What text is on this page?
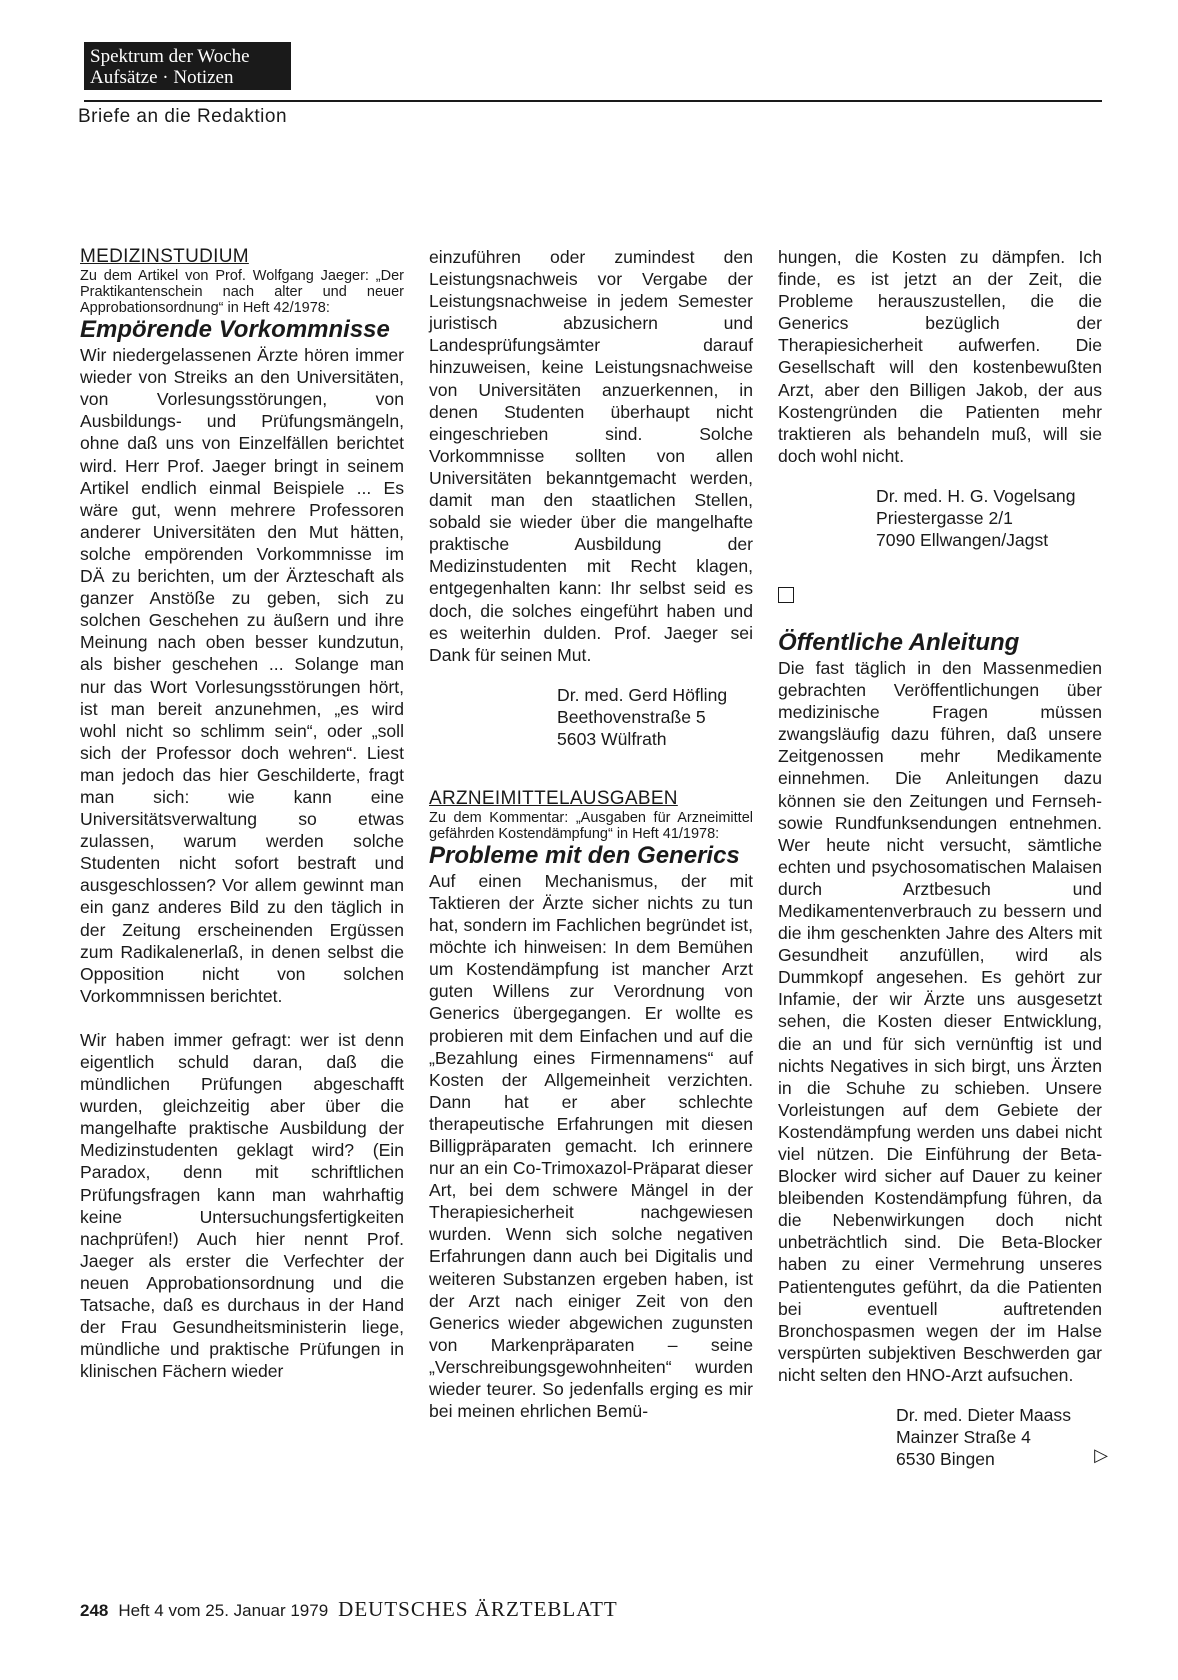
Spektrum der Woche
Aufsätze · Notizen
Briefe an die Redaktion

MEDIZINSTUDIUM

Zu dem Artikel von Prof. Wolfgang Jaeger: „Der Praktikantenschein nach alter und neuer Approbationsordnung“ in Heft 42/1978:

Empörende Vorkommnisse

Wir niedergelassenen Ärzte hören immer wieder von Streiks an den Universitäten, von Vorlesungsstörungen, von Ausbildungs- und Prüfungsmängeln, ohne daß uns von Einzelfällen berichtet wird. Herr Prof. Jaeger bringt in seinem Artikel endlich einmal Beispiele ... Es wäre gut, wenn mehrere Professoren anderer Universitäten den Mut hätten, solche empörenden Vorkommnisse im DÄ zu berichten, um der Ärzteschaft als ganzer Anstöße zu geben, sich zu solchen Geschehen zu äußern und ihre Meinung nach oben besser kundzutun, als bisher geschehen ... Solange man nur das Wort Vorlesungsstörungen hört, ist man bereit anzunehmen, „es wird wohl nicht so schlimm sein“, oder „soll sich der Professor doch wehren“. Liest man jedoch das hier Geschilderte, fragt man sich: wie kann eine Universitätsverwaltung so etwas zulassen, warum werden solche Studenten nicht sofort bestraft und ausgeschlossen? Vor allem gewinnt man ein ganz anderes Bild zu den täglich in der Zeitung erscheinenden Ergüssen zum Radikalenerlaß, in denen selbst die Opposition nicht von solchen Vorkommnissen berichtet.

Wir haben immer gefragt: wer ist denn eigentlich schuld daran, daß die mündlichen Prüfungen abgeschafft wurden, gleichzeitig aber über die mangelhafte praktische Ausbildung der Medizinstudenten geklagt wird? (Ein Paradox, denn mit schriftlichen Prüfungsfragen kann man wahrhaftig keine Untersuchungsfertigkeiten nachprüfen!) Auch hier nennt Prof. Jaeger als erster die Verfechter der neuen Approbationsordnung und die Tatsache, daß es durchaus in der Hand der Frau Gesundheitsministerin liege, mündliche und praktische Prüfungen in klinischen Fächern wieder

einzuführen oder zumindest den Leistungsnachweis vor Vergabe der Leistungsnachweise in jedem Semester juristisch abzusichern und Landesprüfungsämter darauf hinzuweisen, keine Leistungsnachweise von Universitäten anzuerkennen, in denen Studenten überhaupt nicht eingeschrieben sind. Solche Vorkommnisse sollten von allen Universitäten bekanntgemacht werden, damit man den staatlichen Stellen, sobald sie wieder über die mangelhafte praktische Ausbildung der Medizinstudenten mit Recht klagen, entgegenhalten kann: Ihr selbst seid es doch, die solches eingeführt haben und es weiterhin dulden. Prof. Jaeger sei Dank für seinen Mut.

Dr. med. Gerd Höfling
Beethovenstraße 5
5603 Wülfrath

ARZNEIMITTELAUSGABEN

Zu dem Kommentar: „Ausgaben für Arzneimittel gefährden Kostendämpfung“ in Heft 41/1978:

Probleme mit den Generics

Auf einen Mechanismus, der mit Taktieren der Ärzte sicher nichts zu tun hat, sondern im Fachlichen begründet ist, möchte ich hinweisen: In dem Bemühen um Kostendämpfung ist mancher Arzt guten Willens zur Verordnung von Generics übergegangen. Er wollte es probieren mit dem Einfachen und auf die „Bezahlung eines Firmennamens“ auf Kosten der Allgemeinheit verzichten. Dann hat er aber schlechte therapeutische Erfahrungen mit diesen Billigpräparaten gemacht. Ich erinnere nur an ein Co-Trimoxazol-Präparat dieser Art, bei dem schwere Mängel in der Therapiesicherheit nachgewiesen wurden. Wenn sich solche negativen Erfahrungen dann auch bei Digitalis und weiteren Substanzen ergeben haben, ist der Arzt nach einiger Zeit von den Generics wieder abgewichen zugunsten von Markenpräparaten – seine „Verschreibungsgewohnheiten“ wurden wieder teurer. So jedenfalls erging es mir bei meinen ehrlichen Bemü-

hungen, die Kosten zu dämpfen. Ich finde, es ist jetzt an der Zeit, die Probleme herauszustellen, die die Generics bezüglich der Therapiesicherheit aufwerfen. Die Gesellschaft will den kostenbewußten Arzt, aber den Billigen Jakob, der aus Kostengründen die Patienten mehr traktieren als behandeln muß, will sie doch wohl nicht.

Dr. med. H. G. Vogelsang
Priestergasse 2/1
7090 Ellwangen/Jagst

Öffentliche Anleitung

Die fast täglich in den Massenmedien gebrachten Veröffentlichungen über medizinische Fragen müssen zwangsläufig dazu führen, daß unsere Zeitgenossen mehr Medikamente einnehmen. Die Anleitungen dazu können sie den Zeitungen und Fernseh- sowie Rundfunksendungen entnehmen. Wer heute nicht versucht, sämtliche echten und psychosomatischen Malaisen durch Arztbesuch und Medikamentenverbrauch zu bessern und die ihm geschenkten Jahre des Alters mit Gesundheit anzufüllen, wird als Dummkopf angesehen. Es gehört zur Infamie, der wir Ärzte uns ausgesetzt sehen, die Kosten dieser Entwicklung, die an und für sich vernünftig ist und nichts Negatives in sich birgt, uns Ärzten in die Schuhe zu schieben. Unsere Vorleistungen auf dem Gebiete der Kostendämpfung werden uns dabei nicht viel nützen. Die Einführung der Beta-Blocker wird sicher auf Dauer zu keiner bleibenden Kostendämpfung führen, da die Nebenwirkungen doch nicht unbeträchtlich sind. Die Beta-Blocker haben zu einer Vermehrung unseres Patientengutes geführt, da die Patienten bei eventuell auftretenden Bronchospasmen wegen der im Halse verspürten subjektiven Beschwerden gar nicht selten den HNO-Arzt aufsuchen.

Dr. med. Dieter Maass
Mainzer Straße 4
6530 Bingen	▷
248 Heft 4 vom 25. Januar 1979 DEUTSCHES ÄRZTEBLATT
